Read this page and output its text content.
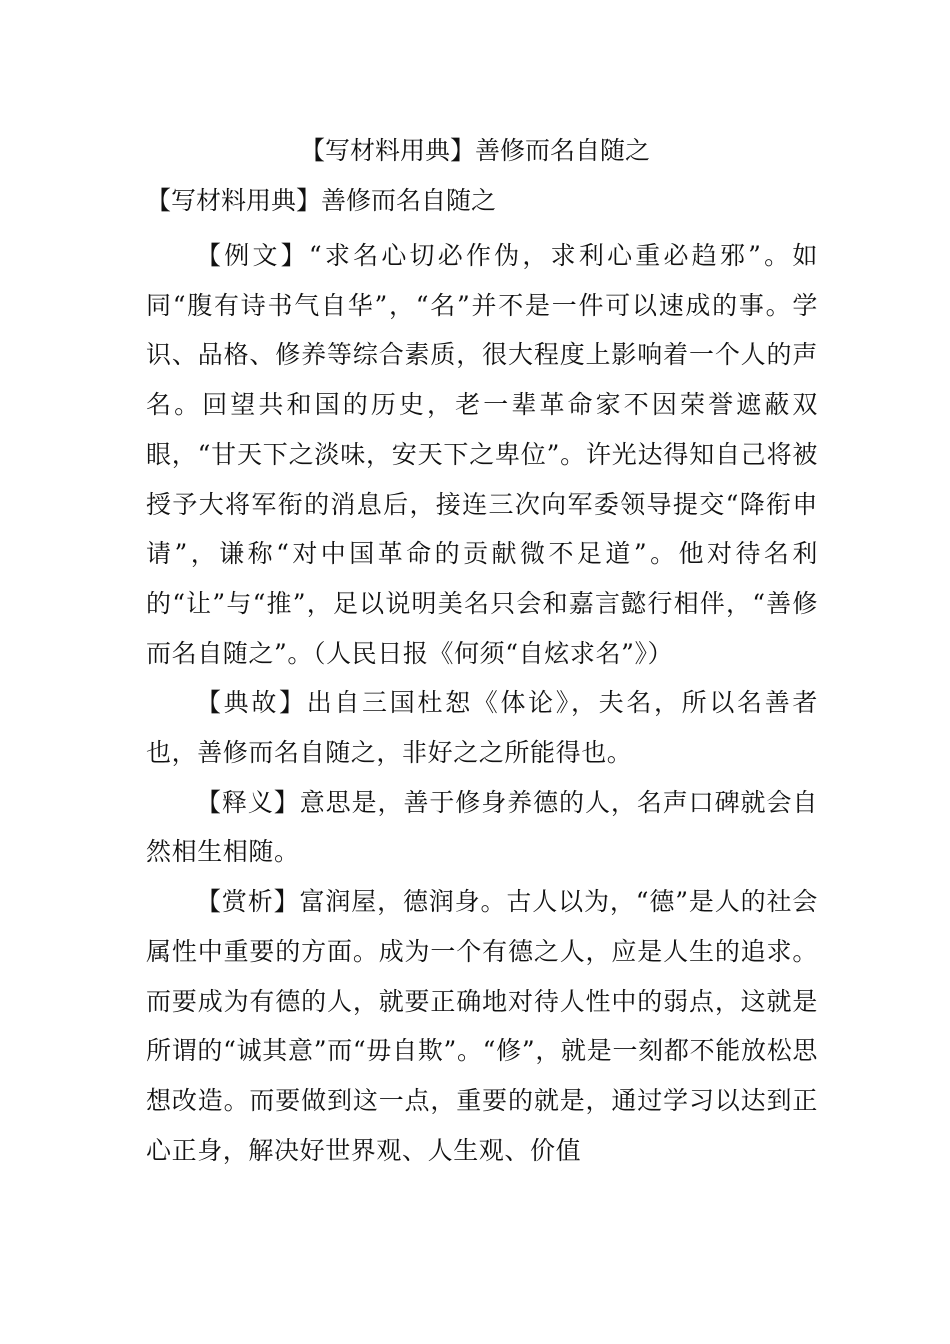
【写材料用典】善修而名自随之
【写材料用典】善修而名自随之

【例文】“求名心切必作伪，求利心重必趋邪”。如同“腹有诗书气自华”，“名”并不是一件可以速成的事。学识、品格、修养等综合素质，很大程度上影响着一个人的声名。回望共和国的历史，老一辈革命家不因荣誉遮蔽双眼，“甘天下之淡味，安天下之卑位”。许光达得知自己将被授予大将军衔的消息后，接连三次向军委领导提交“降衔申请”，谦称“对中国革命的贡献微不足道”。他对待名利的“让”与“推”，足以说明美名只会和嘉言懿行相伴，“善修而名自随之”。（人民日报《何须“自炫求名”》）

【典故】出自三国杜恕《体论》，夫名，所以名善者也，善修而名自随之，非好之之所能得也。

【释义】意思是，善于修身养德的人，名声口碑就会自然相生相随。

【赏析】富润屋，德润身。古人以为，“德”是人的社会属性中重要的方面。成为一个有德之人，应是人生的追求。而要成为有德的人，就要正确地对待人性中的弱点，这就是所谓的“诚其意”而“毋自欺”。“修”，就是一刻都不能放松思想改造。而要做到这一点，重要的就是，通过学习以达到正心正身，解决好世界观、人生观、价值
